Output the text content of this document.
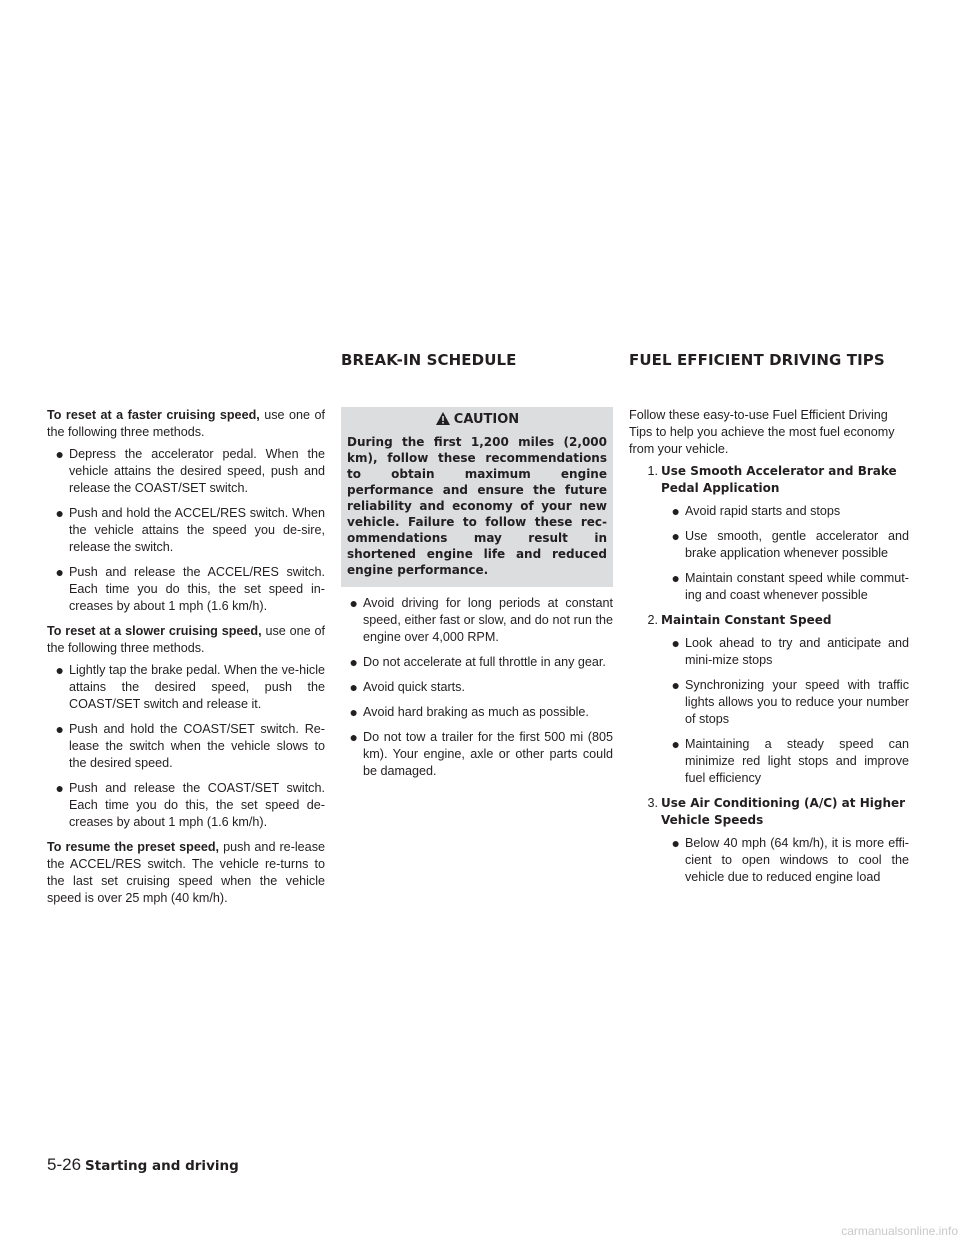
BREAK-IN SCHEDULE	FUEL EFFICIENT DRIVING TIPS

To reset at a faster cruising speed, use one of the following three methods.

● Depress the accelerator pedal. When the vehicle attains the desired speed, push and release the COAST/SET switch.
● Push and hold the ACCEL/RES switch. When the vehicle attains the speed you de-sire, release the switch.
● Push and release the ACCEL/RES switch. Each time you do this, the set speed in-creases by about 1 mph (1.6 km/h).

To reset at a slower cruising speed, use one of the following three methods.

● Lightly tap the brake pedal. When the ve-hicle attains the desired speed, push the COAST/SET switch and release it.
● Push and hold the COAST/SET switch. Re-lease the switch when the vehicle slows to the desired speed.
● Push and release the COAST/SET switch. Each time you do this, the set speed de-creases by about 1 mph (1.6 km/h).

To resume the preset speed, push and re-lease the ACCEL/RES switch. The vehicle re-turns to the last set cruising speed when the vehicle speed is over 25 mph (40 km/h).

CAUTION
During the first 1,200 miles (2,000 km), follow these recommendations to obtain maximum engine performance and ensure the future reliability and economy of your new vehicle. Failure to follow these rec-ommendations may result in shortened engine life and reduced engine performance.
● Avoid driving for long periods at constant speed, either fast or slow, and do not run the engine over 4,000 RPM.
● Do not accelerate at full throttle in any gear.
● Avoid quick starts.
● Avoid hard braking as much as possible.
● Do not tow a trailer for the first 500 mi (805 km). Your engine, axle or other parts could be damaged.

Follow these easy-to-use Fuel Efficient Driving Tips to help you achieve the most fuel economy from your vehicle.

1. Use Smooth Accelerator and Brake Pedal Application
● Avoid rapid starts and stops
● Use smooth, gentle accelerator and brake application whenever possible
● Maintain constant speed while commut-ing and coast whenever possible
2. Maintain Constant Speed
● Look ahead to try and anticipate and mini-mize stops
● Synchronizing your speed with traffic lights allows you to reduce your number of stops
● Maintaining a steady speed can minimize red light stops and improve fuel efficiency
3. Use Air Conditioning (A/C) at Higher Vehicle Speeds
● Below 40 mph (64 km/h), it is more effi-cient to open windows to cool the vehicle due to reduced engine load
5-26 Starting and driving
carmanualsonline.info
